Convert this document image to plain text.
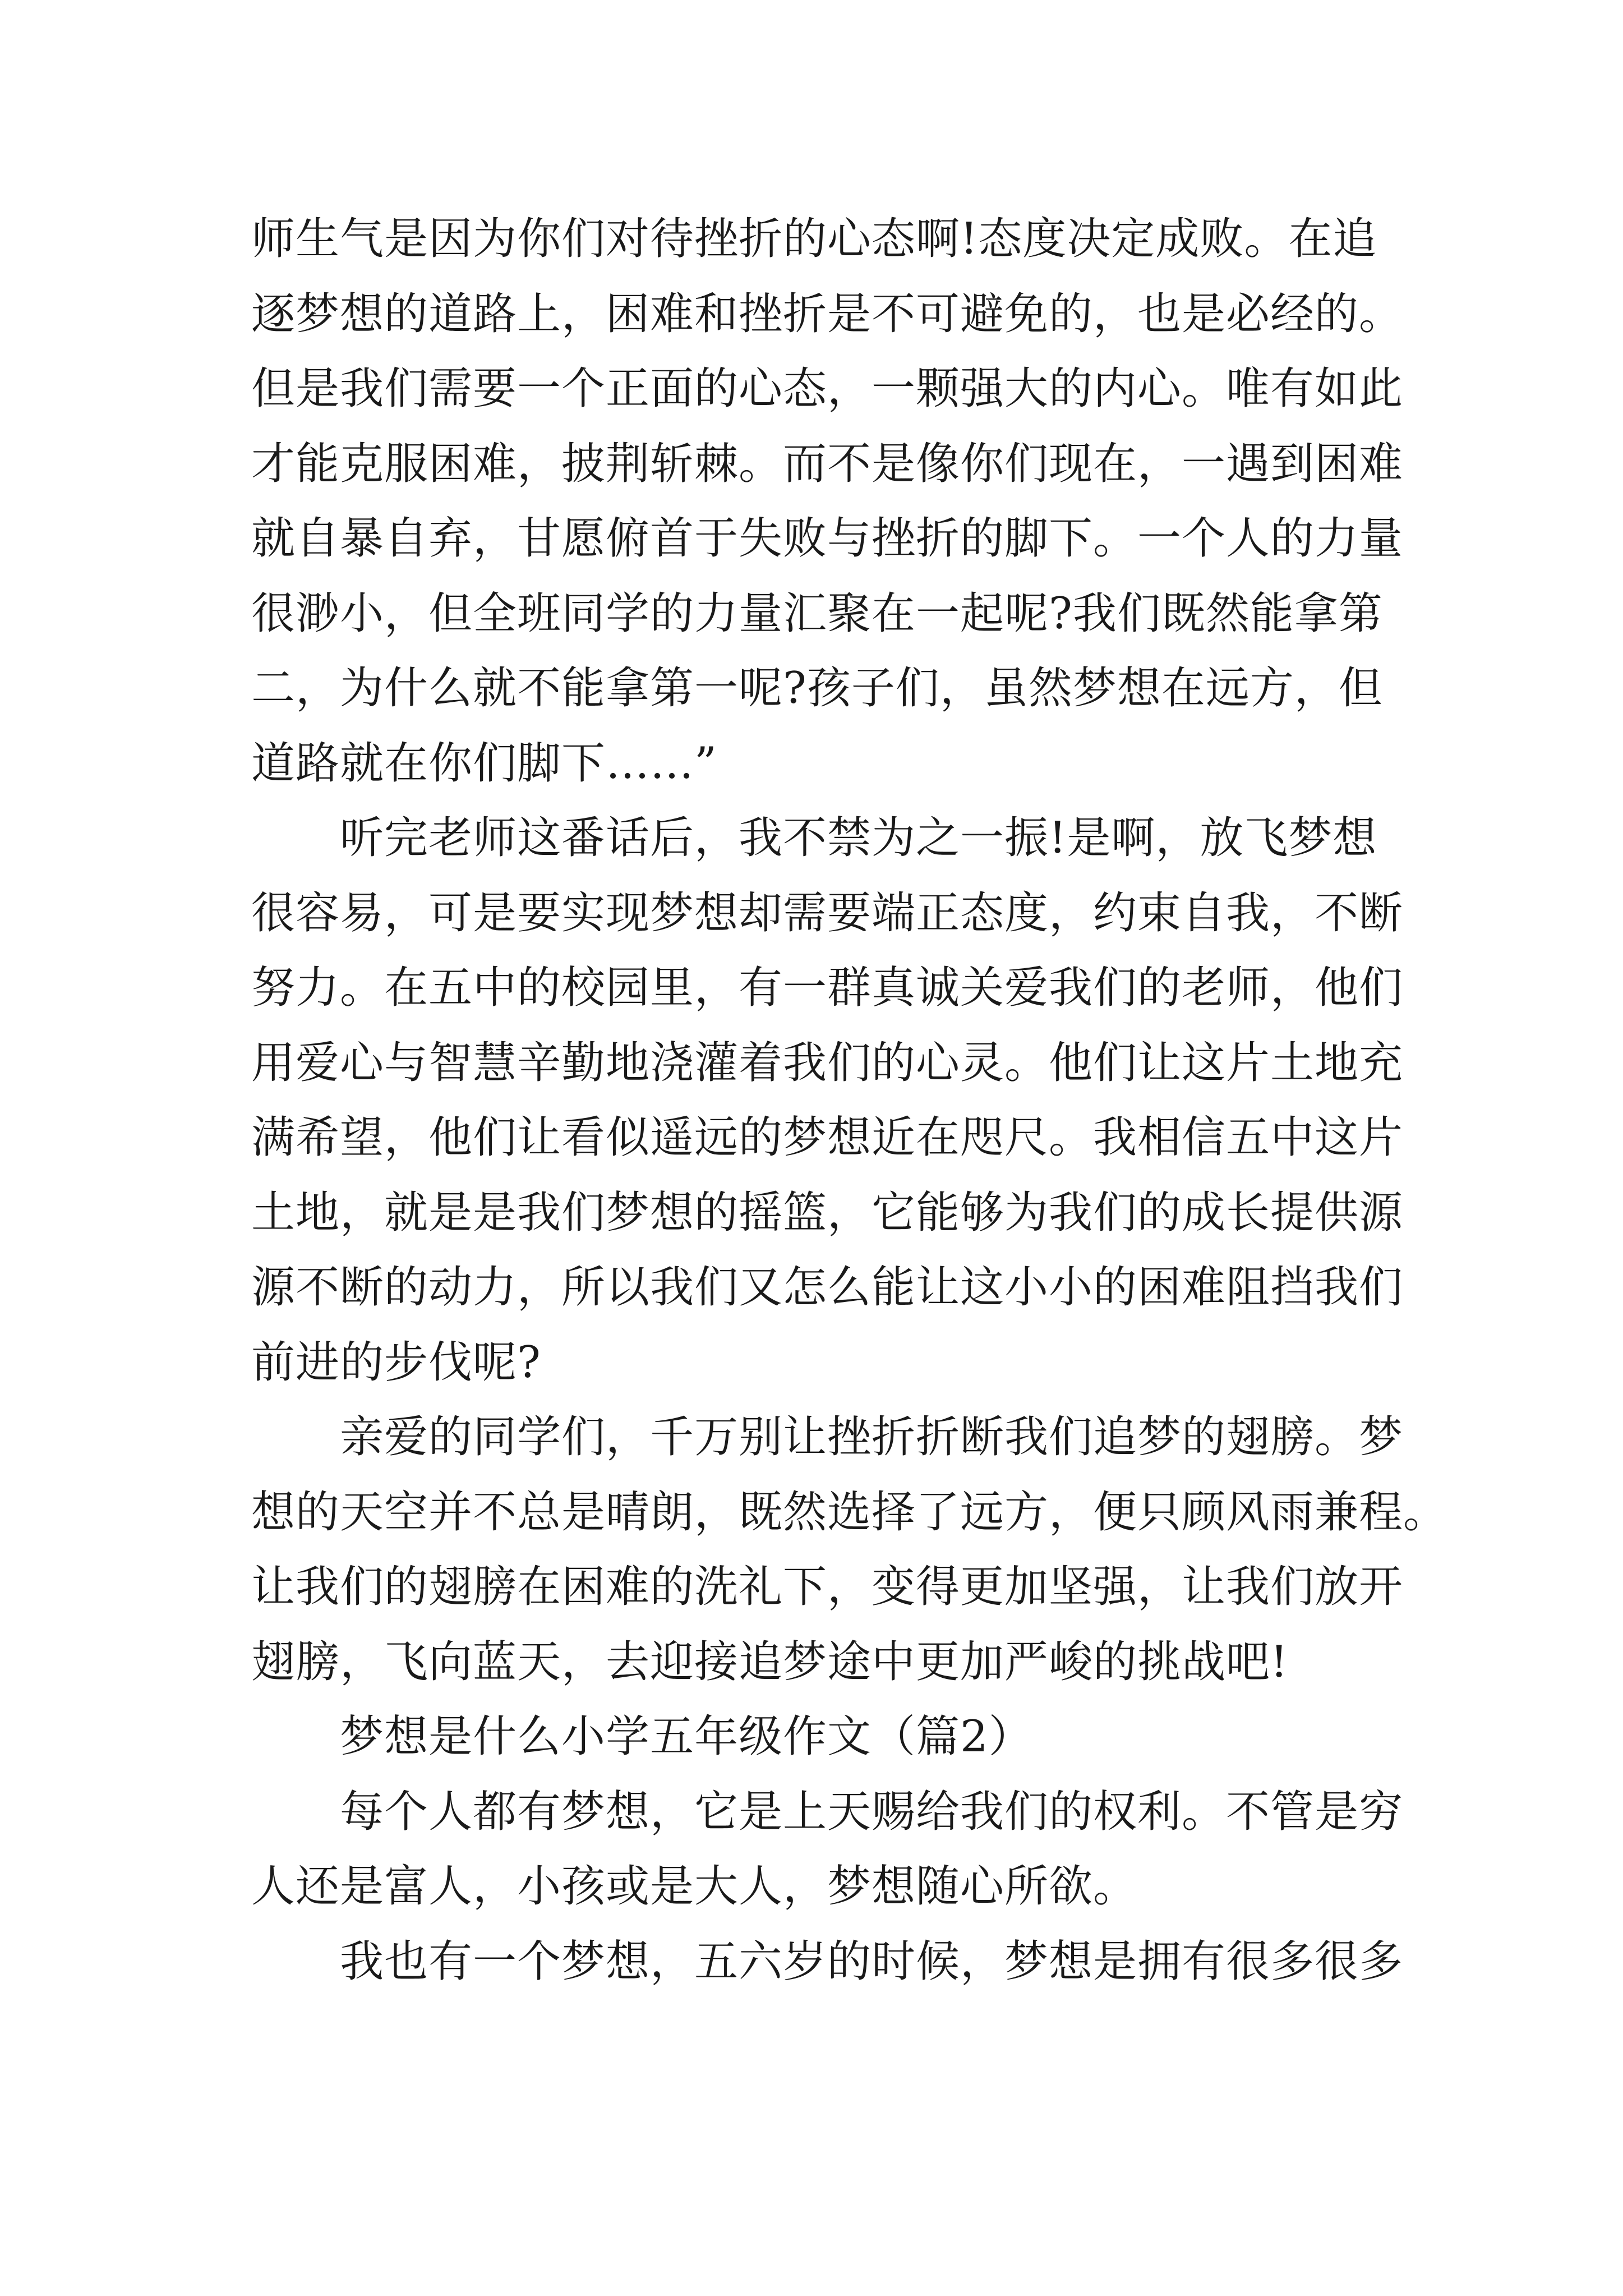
师生气是因为你们对待挫折的心态啊!态度决定成败。在追
逐梦想的道路上，困难和挫折是不可避免的，也是必经的。
但是我们需要一个正面的心态，一颗强大的内心。唯有如此
才能克服困难，披荆斩棘。而不是像你们现在，一遇到困难
就自暴自弃，甘愿俯首于失败与挫折的脚下。一个人的力量
很渺小，但全班同学的力量汇聚在一起呢?我们既然能拿第
二，为什么就不能拿第一呢?孩子们，虽然梦想在远方，但
道路就在你们脚下……”
听完老师这番话后，我不禁为之一振!是啊，放飞梦想
很容易，可是要实现梦想却需要端正态度，约束自我，不断
努力。在五中的校园里，有一群真诚关爱我们的老师，他们
用爱心与智慧辛勤地浇灌着我们的心灵。他们让这片土地充
满希望，他们让看似遥远的梦想近在咫尺。我相信五中这片
土地，就是是我们梦想的摇篮，它能够为我们的成长提供源
源不断的动力，所以我们又怎么能让这小小的困难阻挡我们
前进的步伐呢?
亲爱的同学们，千万别让挫折折断我们追梦的翅膀。梦
想的天空并不总是晴朗，既然选择了远方，便只顾风雨兼程。
让我们的翅膀在困难的洗礼下，变得更加坚强，让我们放开
翅膀，飞向蓝天，去迎接追梦途中更加严峻的挑战吧!
梦想是什么小学五年级作文（篇2）
每个人都有梦想，它是上天赐给我们的权利。不管是穷
人还是富人，小孩或是大人，梦想随心所欲。
我也有一个梦想，五六岁的时候，梦想是拥有很多很多
